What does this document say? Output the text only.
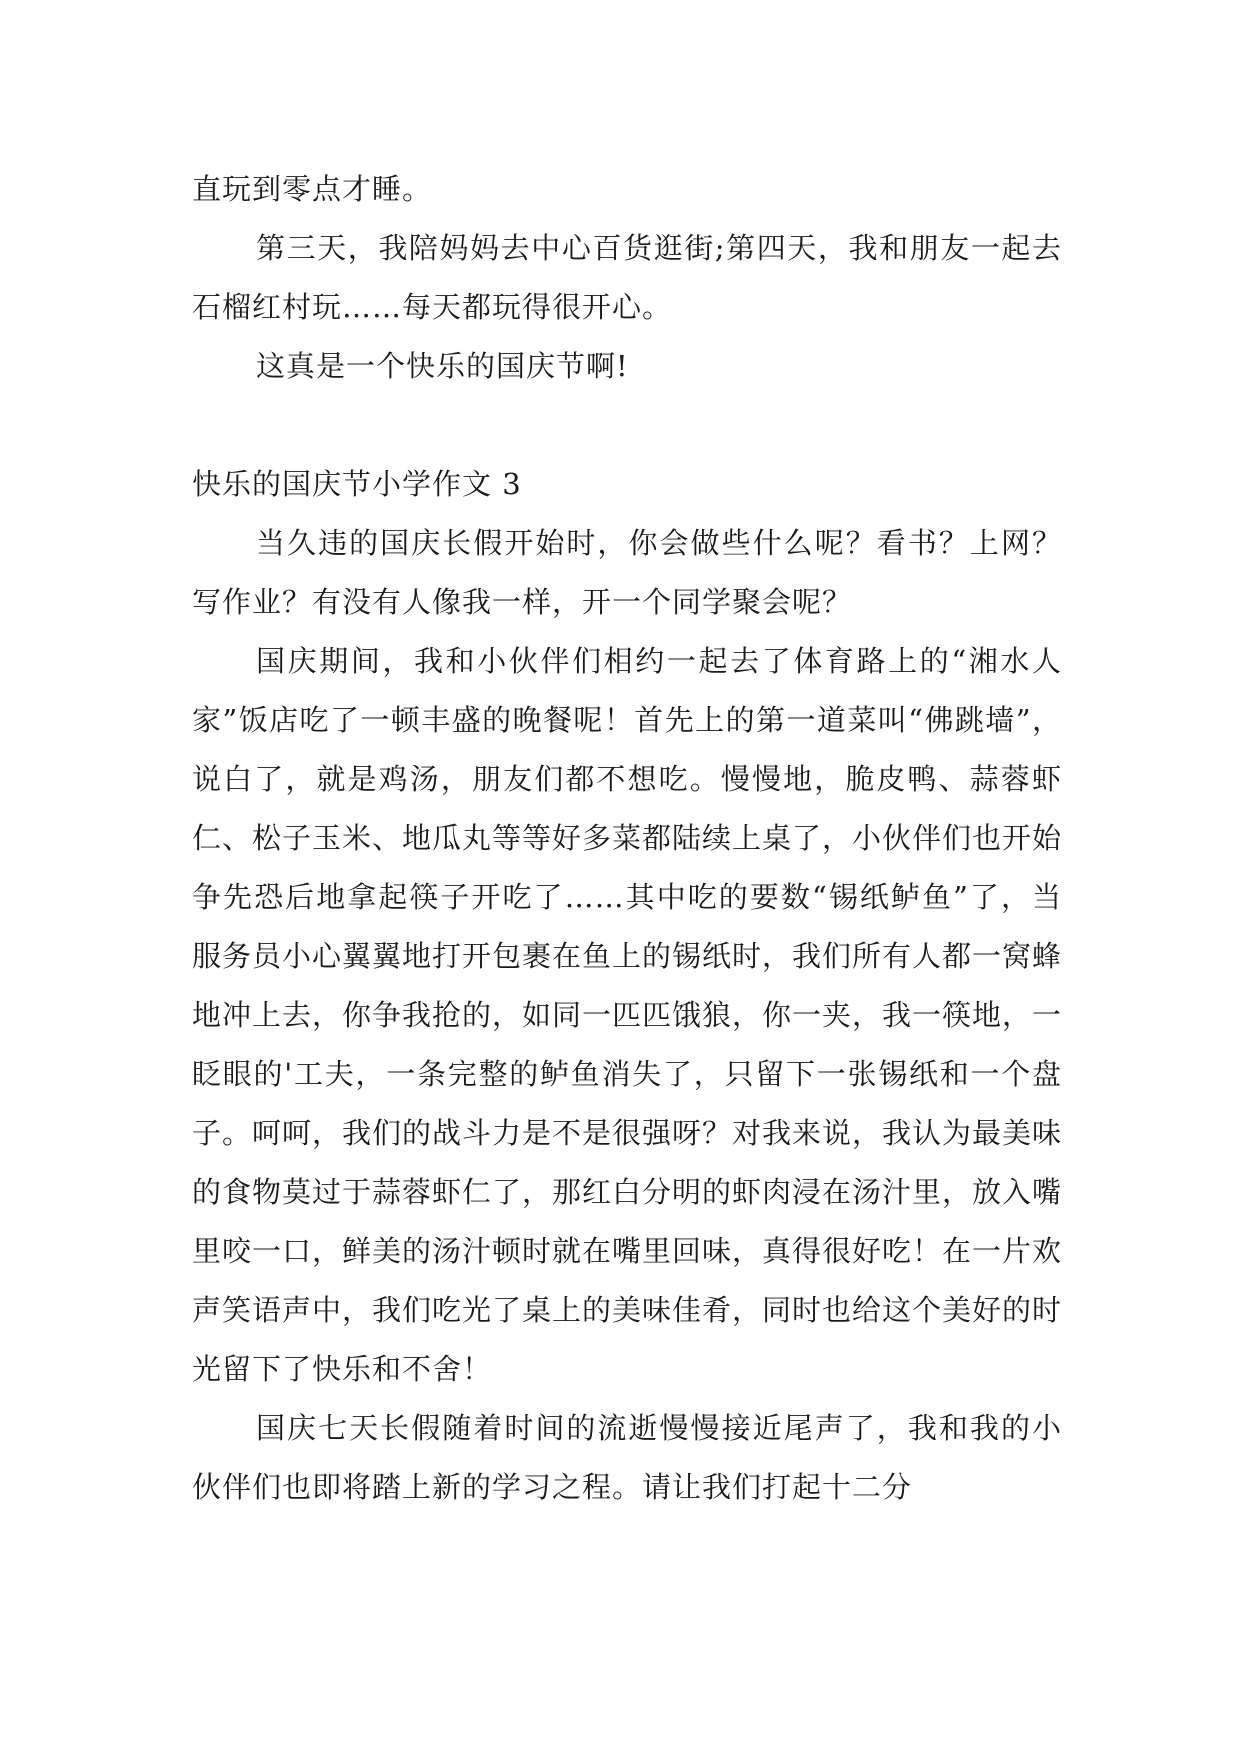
直玩到零点才睡。

第三天，我陪妈妈去中心百货逛街;第四天，我和朋友一起去石榴红村玩……每天都玩得很开心。

这真是一个快乐的国庆节啊!

快乐的国庆节小学作文 3

当久违的国庆长假开始时，你会做些什么呢？看书？上网？写作业？有没有人像我一样，开一个同学聚会呢？

国庆期间，我和小伙伴们相约一起去了体育路上的“湘水人家”饭店吃了一顿丰盛的晚餐呢！首先上的第一道菜叫“佛跳墙”，说白了，就是鸡汤，朋友们都不想吃。慢慢地，脆皮鸭、蒜蓉虾仁、松子玉米、地瓜丸等等好多菜都陆续上桌了，小伙伴们也开始争先恐后地拿起筷子开吃了……其中吃的要数“锡纸鲈鱼”了，当服务员小心翼翼地打开包裹在鱼上的锡纸时，我们所有人都一窝蜂地冲上去，你争我抢的，如同一匹匹饿狼，你一夹，我一筷地，一眨眼的'工夫，一条完整的鲈鱼消失了，只留下一张锡纸和一个盘子。呵呵，我们的战斗力是不是很强呀？对我来说，我认为最美味的食物莫过于蒜蓉虾仁了，那红白分明的虾肉浸在汤汁里，放入嘴里咬一口，鲜美的汤汁顿时就在嘴里回味，真得很好吃！在一片欢声笑语声中，我们吃光了桌上的美味佳肴，同时也给这个美好的时光留下了快乐和不舍！

国庆七天长假随着时间的流逝慢慢接近尾声了，我和我的小伙伴们也即将踏上新的学习之程。请让我们打起十二分
